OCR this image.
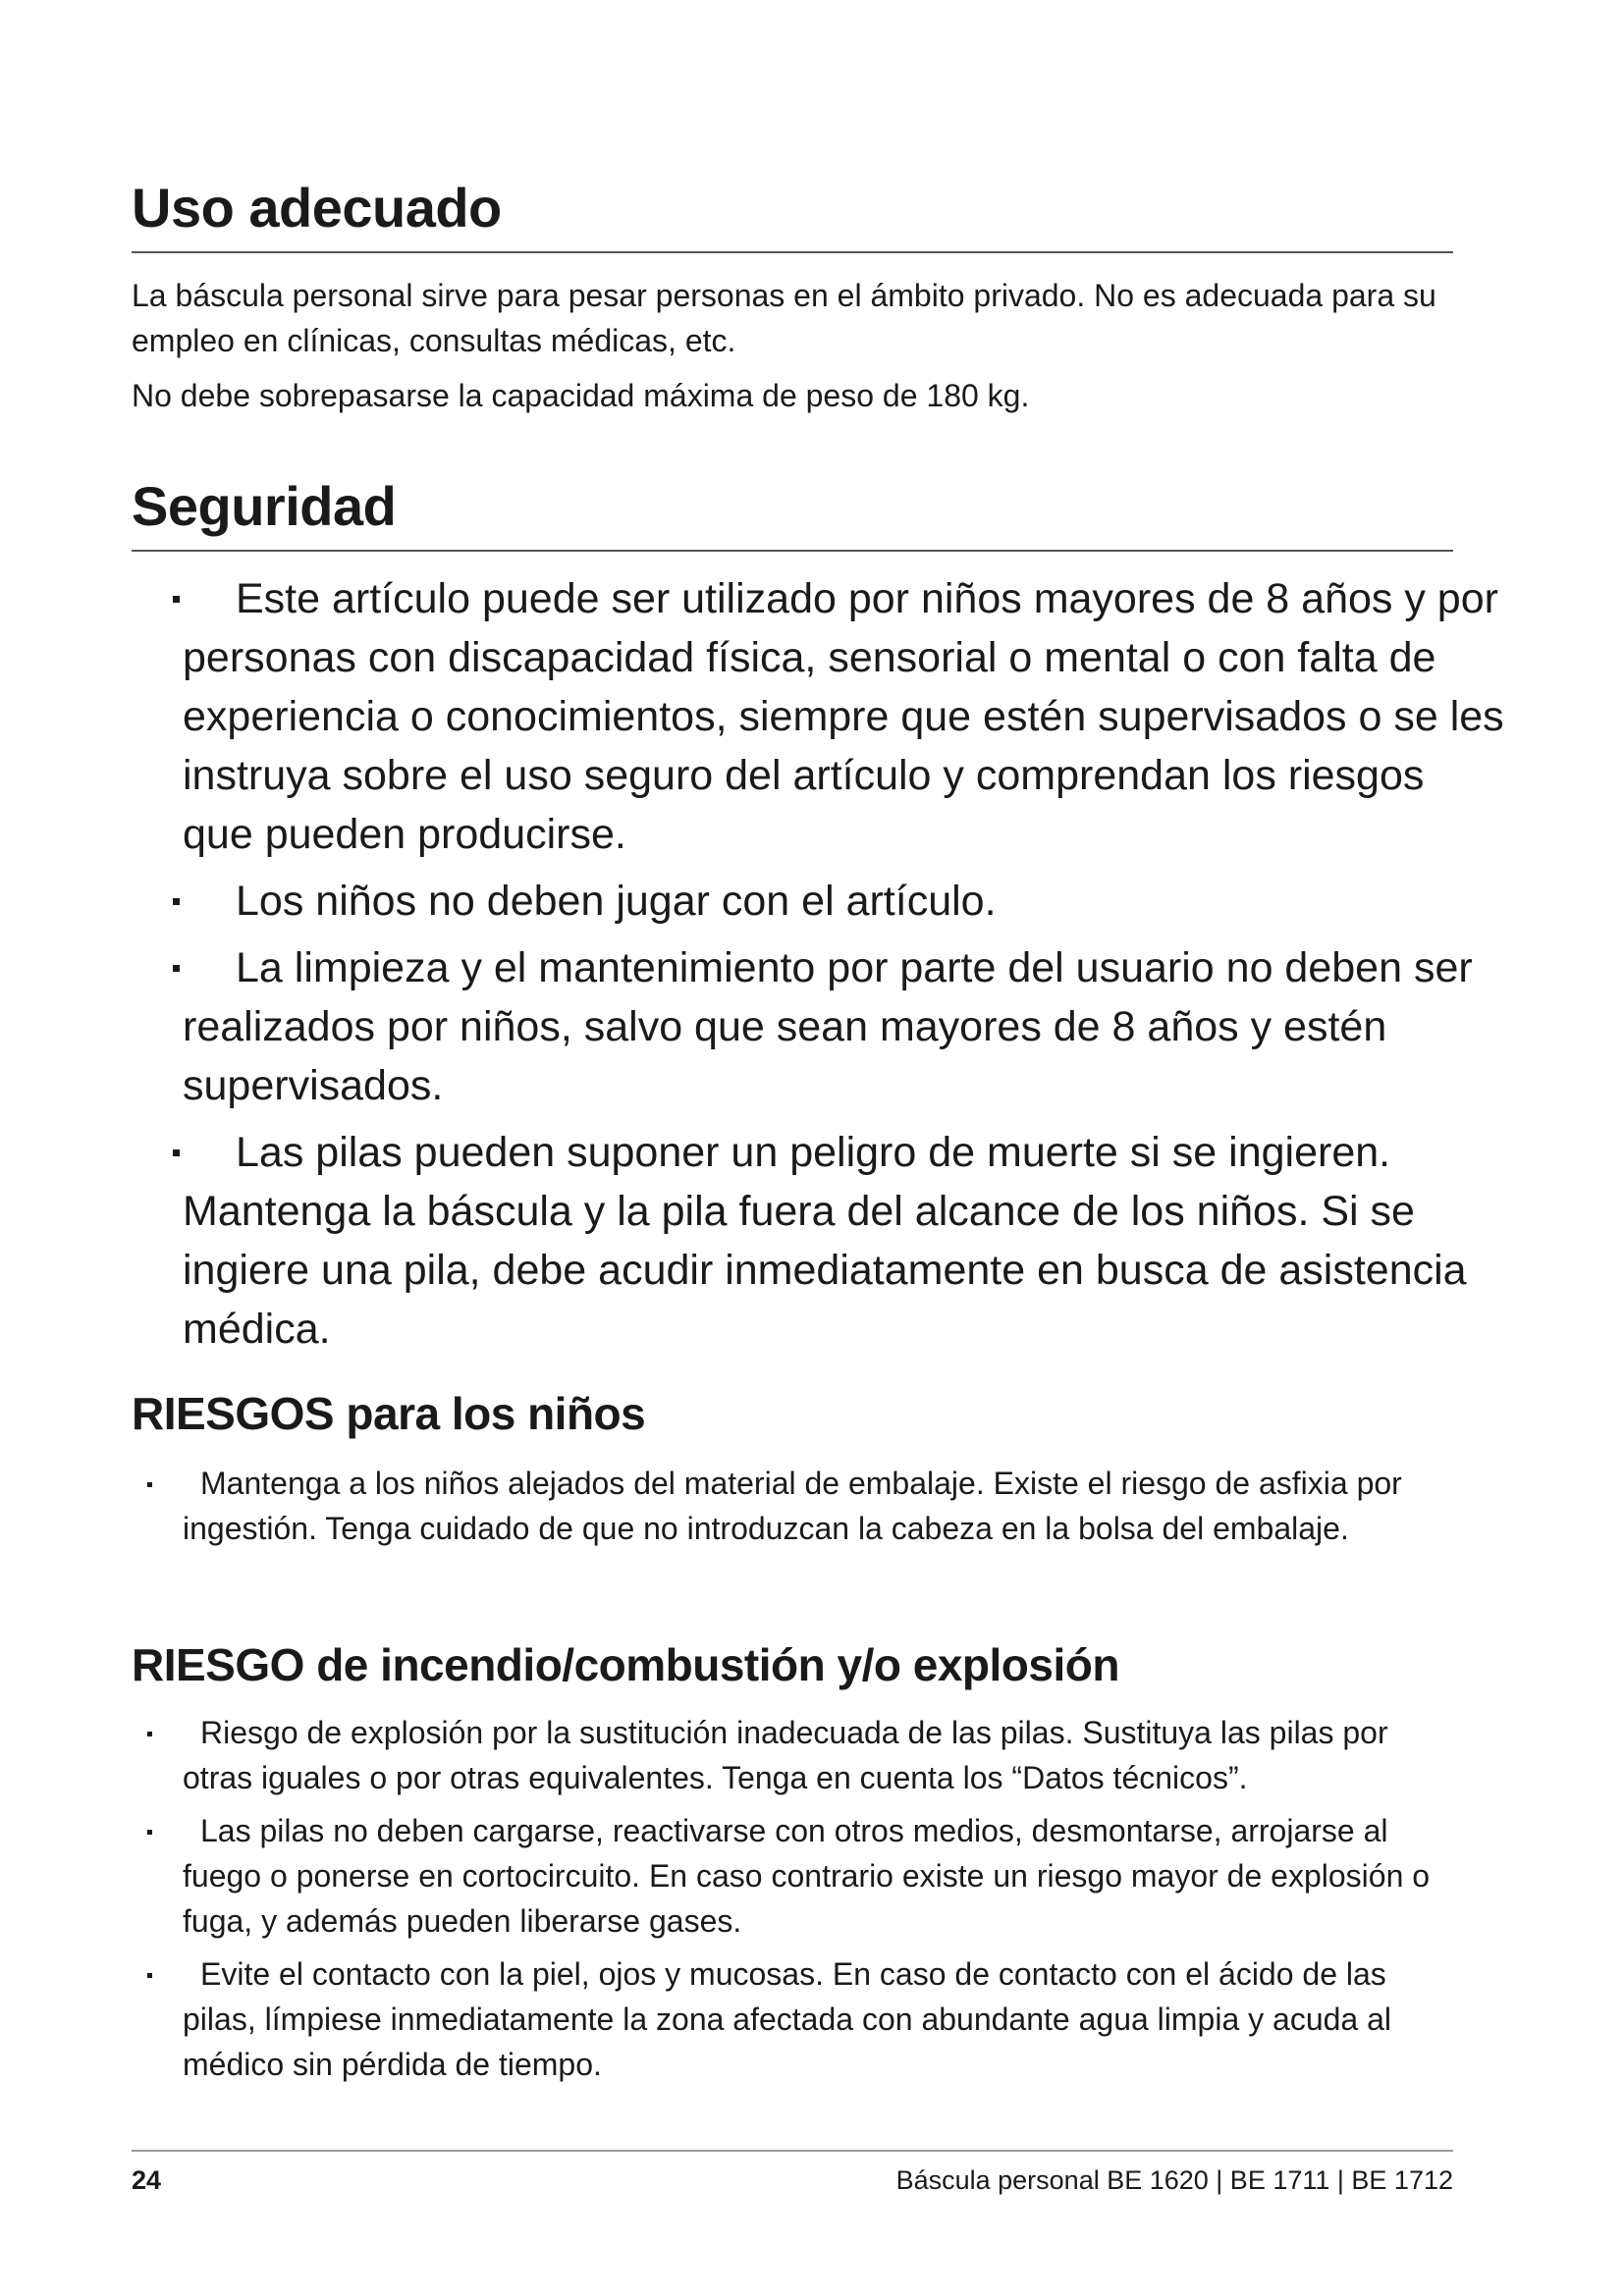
Uso adecuado

La báscula personal sirve para pesar personas en el ámbito privado. No es adecuada para su empleo en clínicas, consultas médicas, etc.

No debe sobrepasarse la capacidad máxima de peso de 180 kg.

Seguridad
Este artículo puede ser utilizado por niños mayores de 8 años y por personas con discapacidad física, sensorial o mental o con falta de experiencia o conocimientos, siempre que estén supervisados o se les instruya sobre el uso seguro del artículo y comprendan los riesgos que pueden producirse.
Los niños no deben jugar con el artículo.
La limpieza y el mantenimiento por parte del usuario no deben ser realizados por niños, salvo que sean mayores de 8 años y estén supervisados.
Las pilas pueden suponer un peligro de muerte si se ingieren. Mantenga la báscula y la pila fuera del alcance de los niños. Si se ingiere una pila, debe acudir inmediatamente en busca de asistencia médica.
RIESGOS para los niños
Mantenga a los niños alejados del material de embalaje. Existe el riesgo de asfixia por ingestión. Tenga cuidado de que no introduzcan la cabeza en la bolsa del embalaje.
RIESGO de incendio/combustión y/o explosión
Riesgo de explosión por la sustitución inadecuada de las pilas. Sustituya las pilas por otras iguales o por otras equivalentes. Tenga en cuenta los “Datos técnicos”.
Las pilas no deben cargarse, reactivarse con otros medios, desmontarse, arrojarse al fuego o ponerse en cortocircuito. En caso contrario existe un riesgo mayor de explosión o fuga, y además pueden liberarse gases.
Evite el contacto con la piel, ojos y mucosas. En caso de contacto con el ácido de las pilas, límpiese inmediatamente la zona afectada con abundante agua limpia y acuda al médico sin pérdida de tiempo.
24	Báscula personal BE 1620 | BE 1711 | BE 1712
